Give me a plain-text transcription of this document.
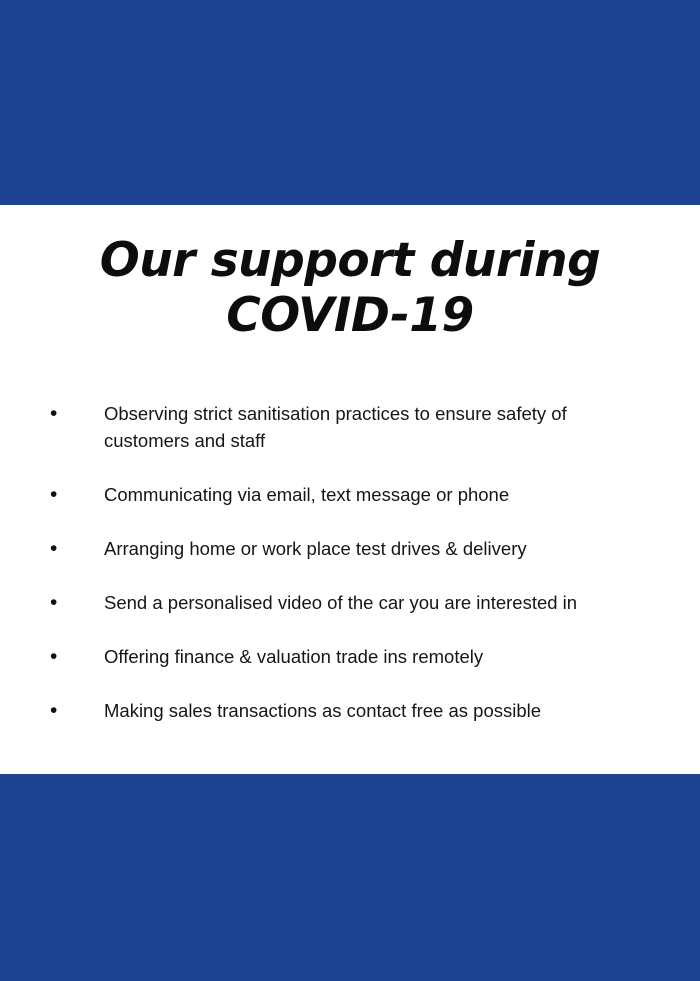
Our support during COVID-19
•	Observing strict sanitisation practices to ensure safety of customers and staff
•	Communicating via email, text message or phone
•	Arranging home or work place test drives & delivery
•	Send a personalised video of the car you are interested in
•	Offering finance & valuation trade ins remotely
•	Making sales transactions as contact free as possible
